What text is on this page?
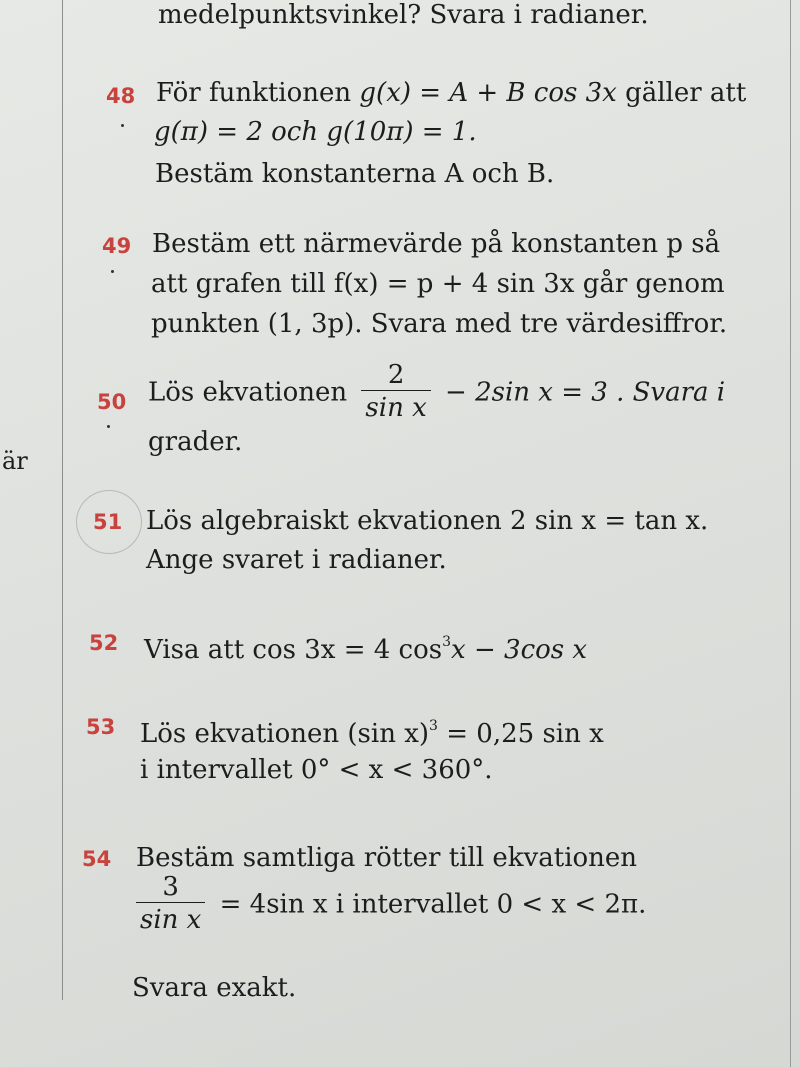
är
medelpunktsvinkel? Svara i radianer.
48 För funktionen g(x) = A + B cos 3x gäller att
g(π) = 2 och g(10π) = 1.
Bestäm konstanterna A och B.
49 Bestäm ett närmevärde på konstanten p så
att grafen till f(x) = p + 4 sin 3x går genom
punkten (1, 3p). Svara med tre värdesiffror.
50 Lös ekvationen $\frac{2}{\text{sin x}} - 2\sin$ x = 3 . Svara i
grader.
51 Lös algebraiskt ekvationen 2 sin x = tan x.
Ange svaret i radianer.
52 Visa att cos 3x = 4 $\cos^3x - 3\cos$ x
53 Lös ekvationen (sin x)$^3$ = 0,25 sin x
i intervallet 0° < x < 360°.
54 Bestäm samtliga rötter till ekvationen
$\frac{3}{\text{sin x}} = 4\sin$ x i intervallet 0 < x < 2π.
Svara exakt.
